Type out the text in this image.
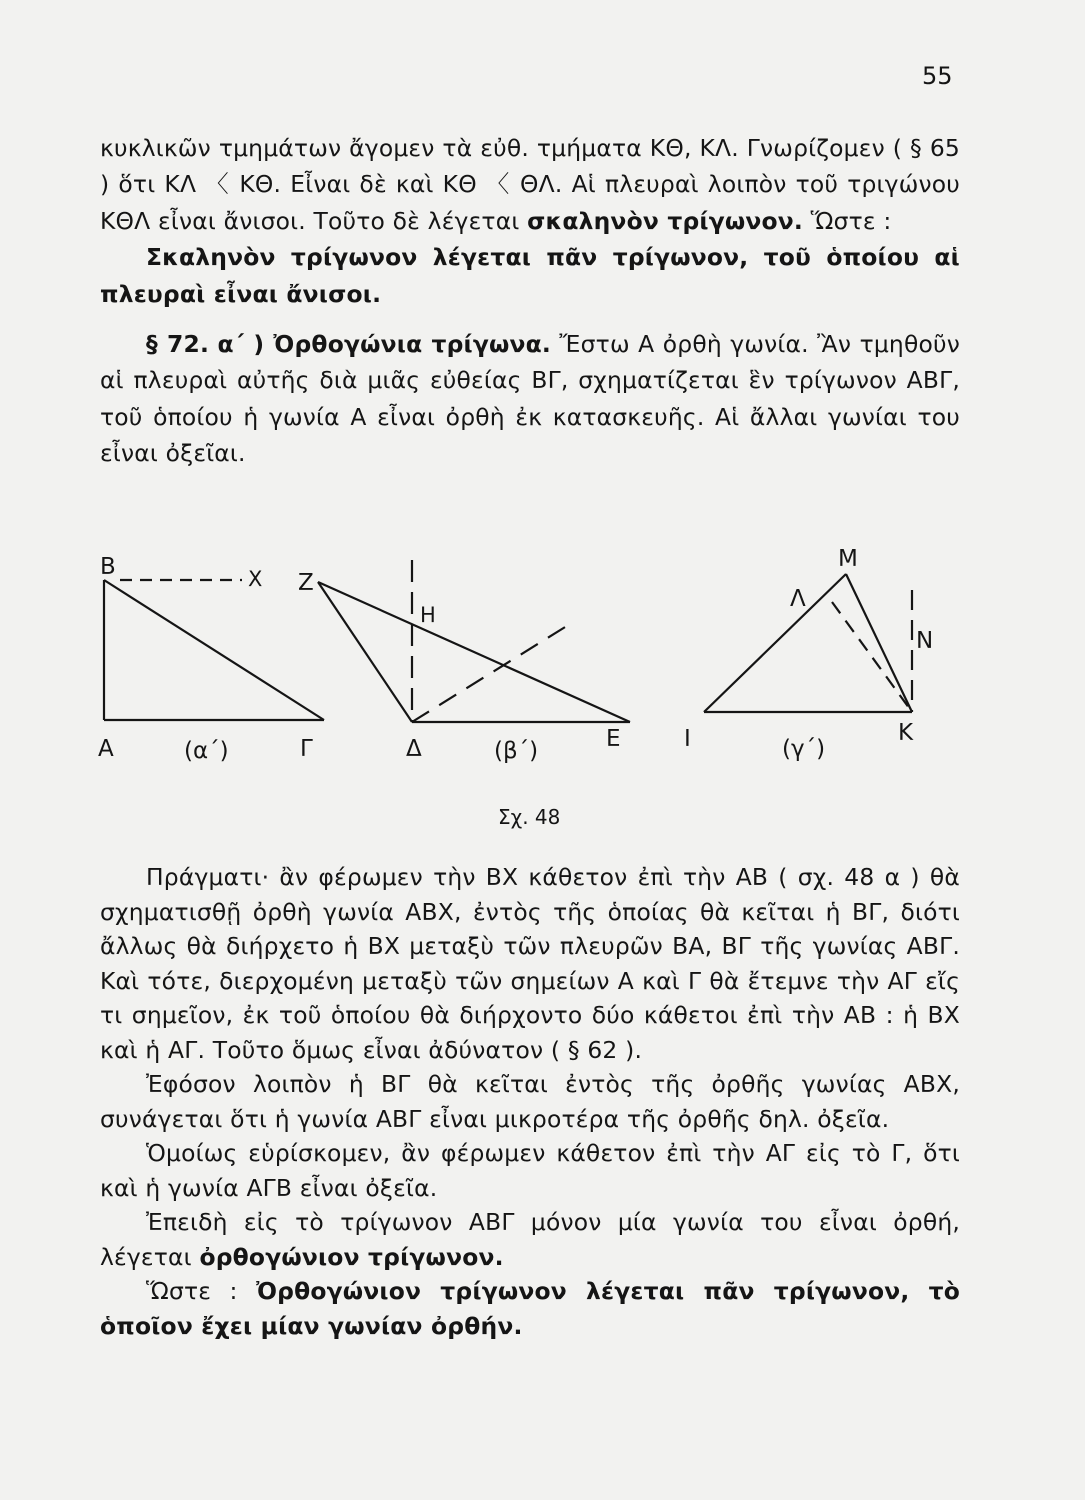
55

κυκλικῶν τμημάτων ἄγομεν τὰ εὐθ. τμήματα ΚΘ, ΚΛ. Γνωρίζομεν ( § 65 ) ὅτι ΚΛ 〈 ΚΘ. Εἶναι δὲ καὶ ΚΘ 〈 ΘΛ. Αἱ πλευραὶ λοιπὸν τοῦ τριγώνου ΚΘΛ εἶναι ἄνισοι. Τοῦτο δὲ λέγεται σκαληνὸν τρίγωνον. Ὥστε :

Σκαληνὸν τρίγωνον λέγεται πᾶν τρίγωνον, τοῦ ὁποίου αἱ πλευραὶ εἶναι ἄνισοι.

§ 72. α΄ ) Ὀρθογώνια τρίγωνα. Ἔστω Α ὀρθὴ γωνία. Ἂν τμηθοῦν αἱ πλευραὶ αὐτῆς διὰ μιᾶς εὐθείας ΒΓ, σχηματίζεται ἓν τρίγωνον ΑΒΓ, τοῦ ὁποίου ἡ γωνία Α εἶναι ὀρθὴ ἐκ κατασκευῆς. Αἱ ἄλλαι γωνίαι του εἶναι ὀξεῖαι.

Β	Χ
Α	Γ
(α΄)
Ζ
Η
Δ	Ε
(β΄)
Μ
Λ
Ν
Ι	Κ
(γ΄)
Σχ. 48

Πράγματι· ἂν φέρωμεν τὴν ΒΧ κάθετον ἐπὶ τὴν ΑΒ ( σχ. 48 α ) θὰ σχηματισθῇ ὀρθὴ γωνία ΑΒΧ, ἐντὸς τῆς ὁποίας θὰ κεῖται ἡ ΒΓ, διότι ἄλλως θὰ διήρχετο ἡ ΒΧ μεταξὺ τῶν πλευρῶν ΒΑ, ΒΓ τῆς γωνίας ΑΒΓ. Καὶ τότε, διερχομένη μεταξὺ τῶν σημείων Α καὶ Γ θὰ ἔτεμνε τὴν ΑΓ εἴς τι σημεῖον, ἐκ τοῦ ὁποίου θὰ διήρχοντο δύο κάθετοι ἐπὶ τὴν ΑΒ : ἡ ΒΧ καὶ ἡ ΑΓ. Τοῦτο ὅμως εἶναι ἀδύνατον ( § 62 ).

Ἐφόσον λοιπὸν ἡ ΒΓ θὰ κεῖται ἐντὸς τῆς ὀρθῆς γωνίας ΑΒΧ, συνάγεται ὅτι ἡ γωνία ΑΒΓ εἶναι μικροτέρα τῆς ὀρθῆς δηλ. ὀξεῖα.

Ὁμοίως εὑρίσκομεν, ἂν φέρωμεν κάθετον ἐπὶ τὴν ΑΓ εἰς τὸ Γ, ὅτι καὶ ἡ γωνία ΑΓΒ εἶναι ὀξεῖα.

Ἐπειδὴ εἰς τὸ τρίγωνον ΑΒΓ μόνον μία γωνία του εἶναι ὀρθή, λέγεται ὀρθογώνιον τρίγωνον.

Ὥστε : Ὀρθογώνιον τρίγωνον λέγεται πᾶν τρίγωνον, τὸ ὁποῖον ἔχει μίαν γωνίαν ὀρθήν.
